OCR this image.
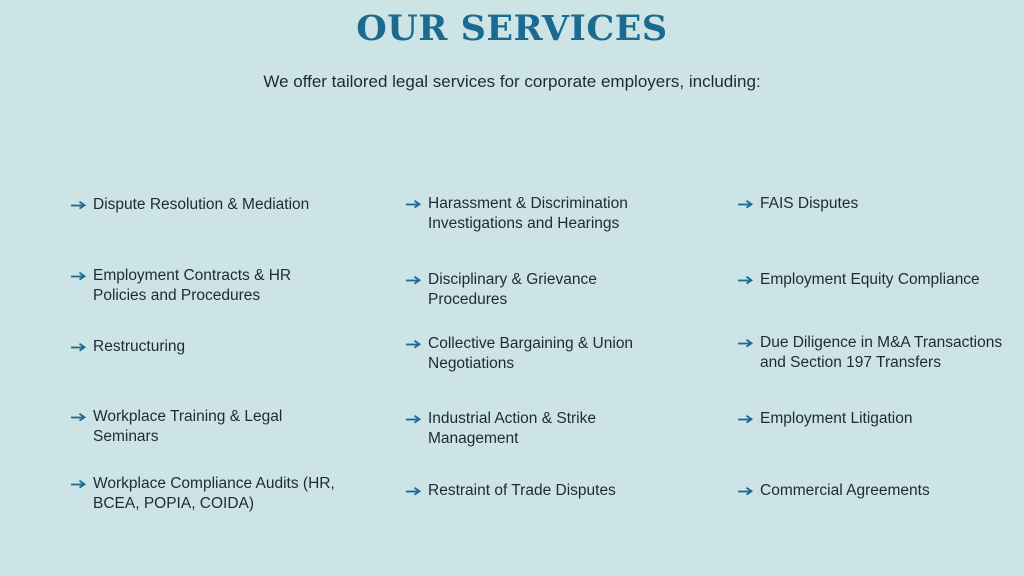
OUR SERVICES
We offer tailored legal services for corporate employers, including:
Dispute Resolution & Mediation
Employment Contracts & HR
Policies and Procedures
Restructuring
Workplace Training & Legal
Seminars
Workplace Compliance Audits (HR,
BCEA, POPIA, COIDA)
Harassment & Discrimination
Investigations and Hearings
Disciplinary & Grievance
Procedures
Collective Bargaining & Union
Negotiations
Industrial Action & Strike
Management
Restraint of Trade Disputes
FAIS Disputes
Employment Equity Compliance
Due Diligence in M&A Transactions
and Section 197 Transfers
Employment Litigation
Commercial Agreements
